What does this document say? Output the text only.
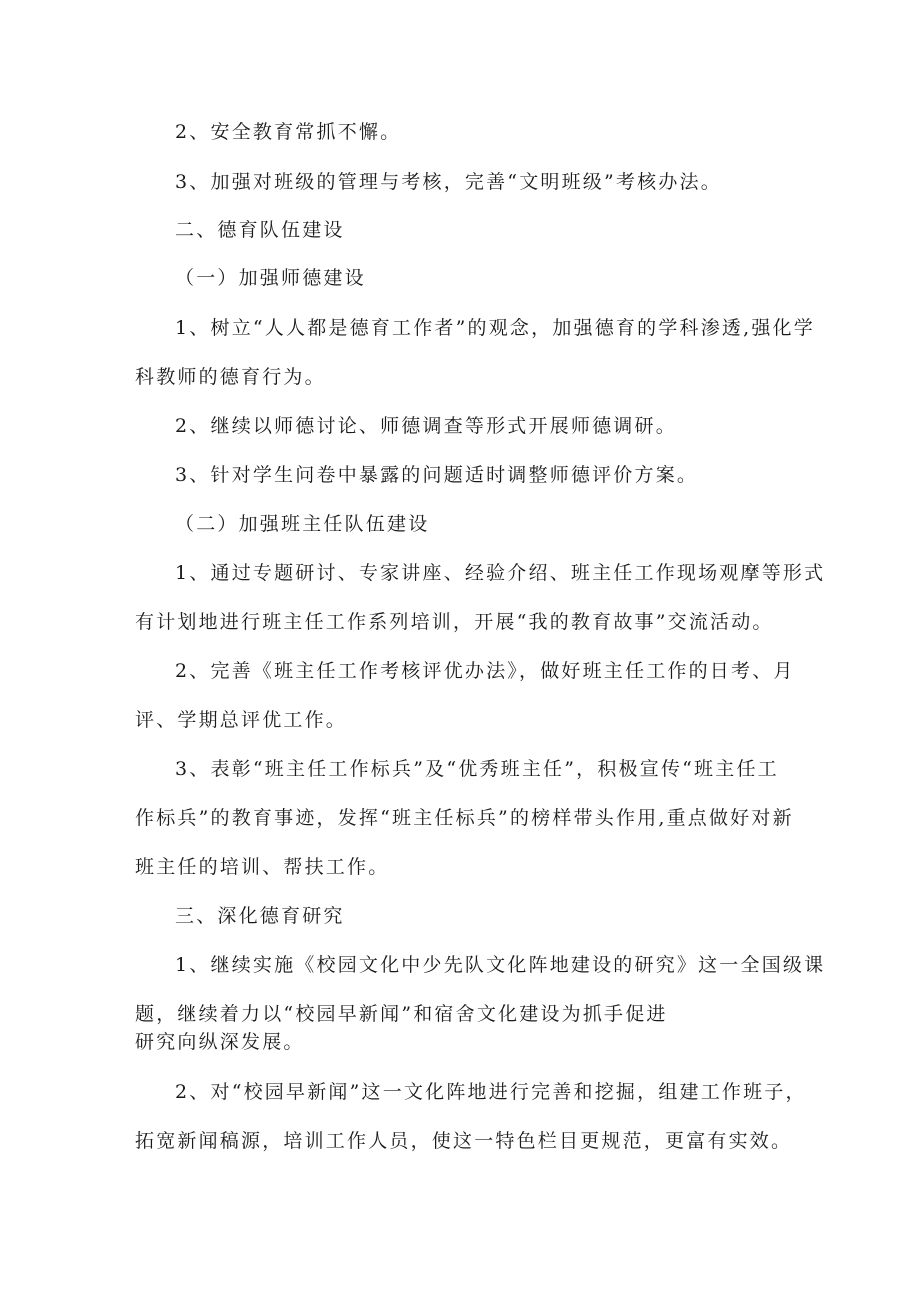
2、安全教育常抓不懈。
3、加强对班级的管理与考核，完善“文明班级”考核办法。
二、德育队伍建设
（一）加强师德建设
1、树立“人人都是德育工作者”的观念，加强德育的学科渗透,强化学
科教师的德育行为。
2、继续以师德讨论、师德调查等形式开展师德调研。
3、针对学生问卷中暴露的问题适时调整师德评价方案。
（二）加强班主任队伍建设
1、通过专题研讨、专家讲座、经验介绍、班主任工作现场观摩等形式
有计划地进行班主任工作系列培训，开展“我的教育故事”交流活动。
2、完善《班主任工作考核评优办法》，做好班主任工作的日考、月
评、学期总评优工作。
3、表彰“班主任工作标兵”及“优秀班主任”，积极宣传“班主任工
作标兵”的教育事迹，发挥“班主任标兵”的榜样带头作用,重点做好对新
班主任的培训、帮扶工作。
三、深化德育研究
1、继续实施《校园文化中少先队文化阵地建设的研究》这一全国级课
题，继续着力以“校园早新闻”和宿舍文化建设为抓手促进
研究向纵深发展。
2、对“校园早新闻”这一文化阵地进行完善和挖掘，组建工作班子，
拓宽新闻稿源，培训工作人员，使这一特色栏目更规范，更富有实效。
